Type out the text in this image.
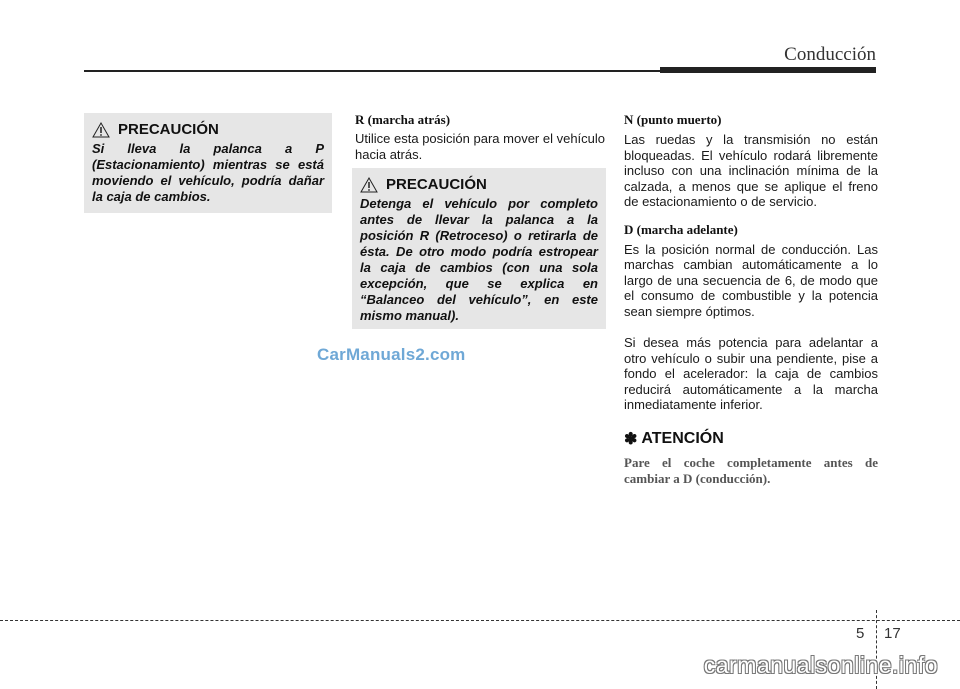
Conducción
PRECAUCIÓN
Si lleva la palanca a P (Estacionamiento) mientras se está moviendo el vehículo, podría dañar la caja de cambios.
R (marcha atrás)
Utilice esta posición para mover el vehículo hacia atrás.
PRECAUCIÓN
Detenga el vehículo por completo antes de llevar la palanca a la posición R (Retroceso) o retirarla de ésta. De otro modo podría estropear la caja de cambios (con una sola excepción, que se explica en “Balanceo del vehículo”, en este mismo manual).
N (punto muerto)
Las ruedas y la transmisión no están bloqueadas. El vehículo rodará libremente incluso con una inclinación mínima de la calzada, a menos que se aplique el freno de estacionamiento o de servicio.
D (marcha adelante)
Es la posición normal de conducción. Las marchas cambian automáticamente a lo largo de una secuencia de 6, de modo que el consumo de combustible y la potencia sean siempre óptimos.
Si desea más potencia para adelantar a otro vehículo o subir una pendiente, pise a fondo el acelerador: la caja de cambios reducirá automáticamente a la marcha inmediatamente inferior.
✽ ATENCIÓN
Pare el coche completamente antes de cambiar a D (conducción).
CarManuals2.com
5 17
carmanualsonline.info
